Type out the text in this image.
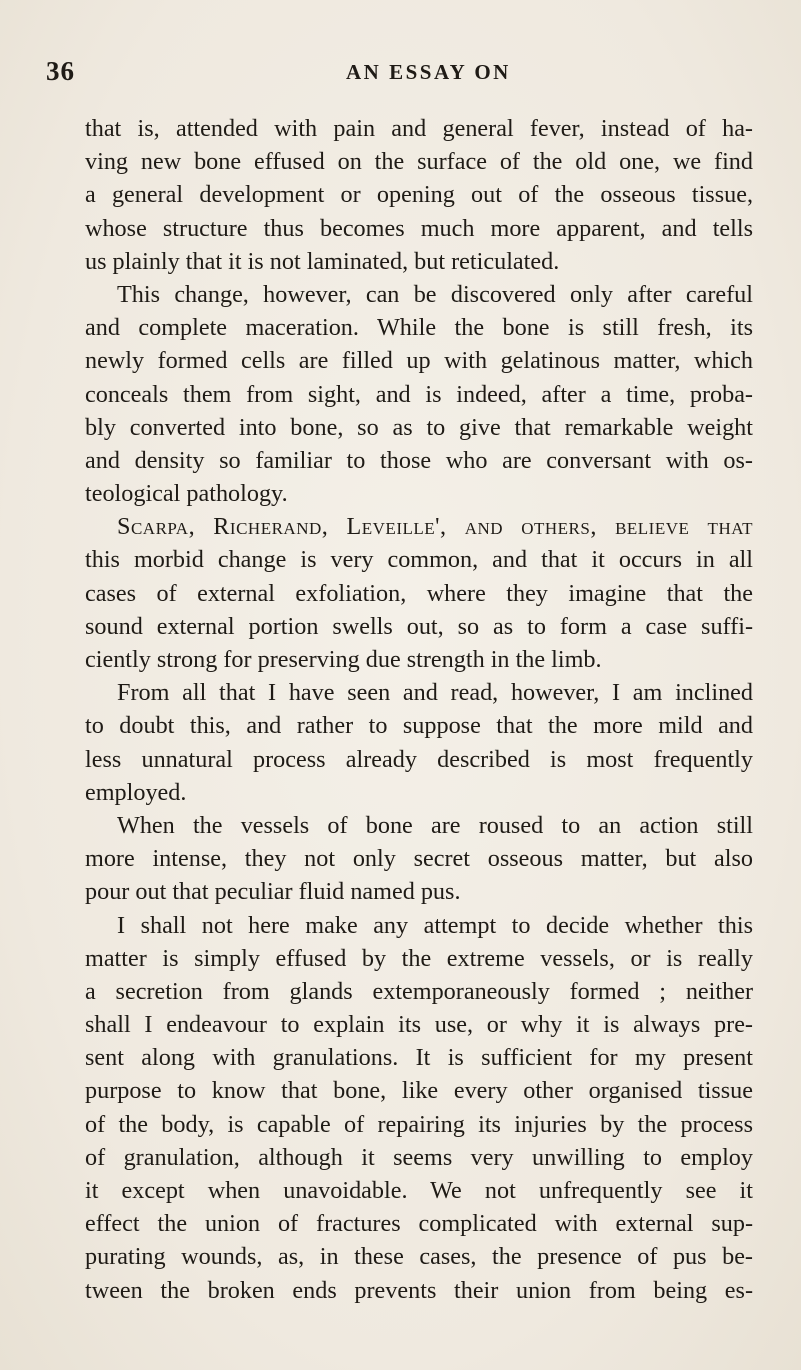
36	AN ESSAY ON
that is, attended with pain and general fever, instead of ha-
ving new bone effused on the surface of the old one, we find
a general development or opening out of the osseous tissue,
whose structure thus becomes much more apparent, and tells
us plainly that it is not laminated, but reticulated.
This change, however, can be discovered only after careful
and complete maceration. While the bone is still fresh, its
newly formed cells are filled up with gelatinous matter, which
conceals them from sight, and is indeed, after a time, proba-
bly converted into bone, so as to give that remarkable weight
and density so familiar to those who are conversant with os-
teological pathology.
Scarpa, Richerand, Leveille', and others, believe that
this morbid change is very common, and that it occurs in all
cases of external exfoliation, where they imagine that the
sound external portion swells out, so as to form a case suffi-
ciently strong for preserving due strength in the limb.
From all that I have seen and read, however, I am inclined
to doubt this, and rather to suppose that the more mild and
less unnatural process already described is most frequently
employed.
When the vessels of bone are roused to an action still
more intense, they not only secret osseous matter, but also
pour out that peculiar fluid named pus.
I shall not here make any attempt to decide whether this
matter is simply effused by the extreme vessels, or is really
a secretion from glands extemporaneously formed ; neither
shall I endeavour to explain its use, or why it is always pre-
sent along with granulations. It is sufficient for my present
purpose to know that bone, like every other organised tissue
of the body, is capable of repairing its injuries by the process
of granulation, although it seems very unwilling to employ
it except when unavoidable. We not unfrequently see it
effect the union of fractures complicated with external sup-
purating wounds, as, in these cases, the presence of pus be-
tween the broken ends prevents their union from being es-
